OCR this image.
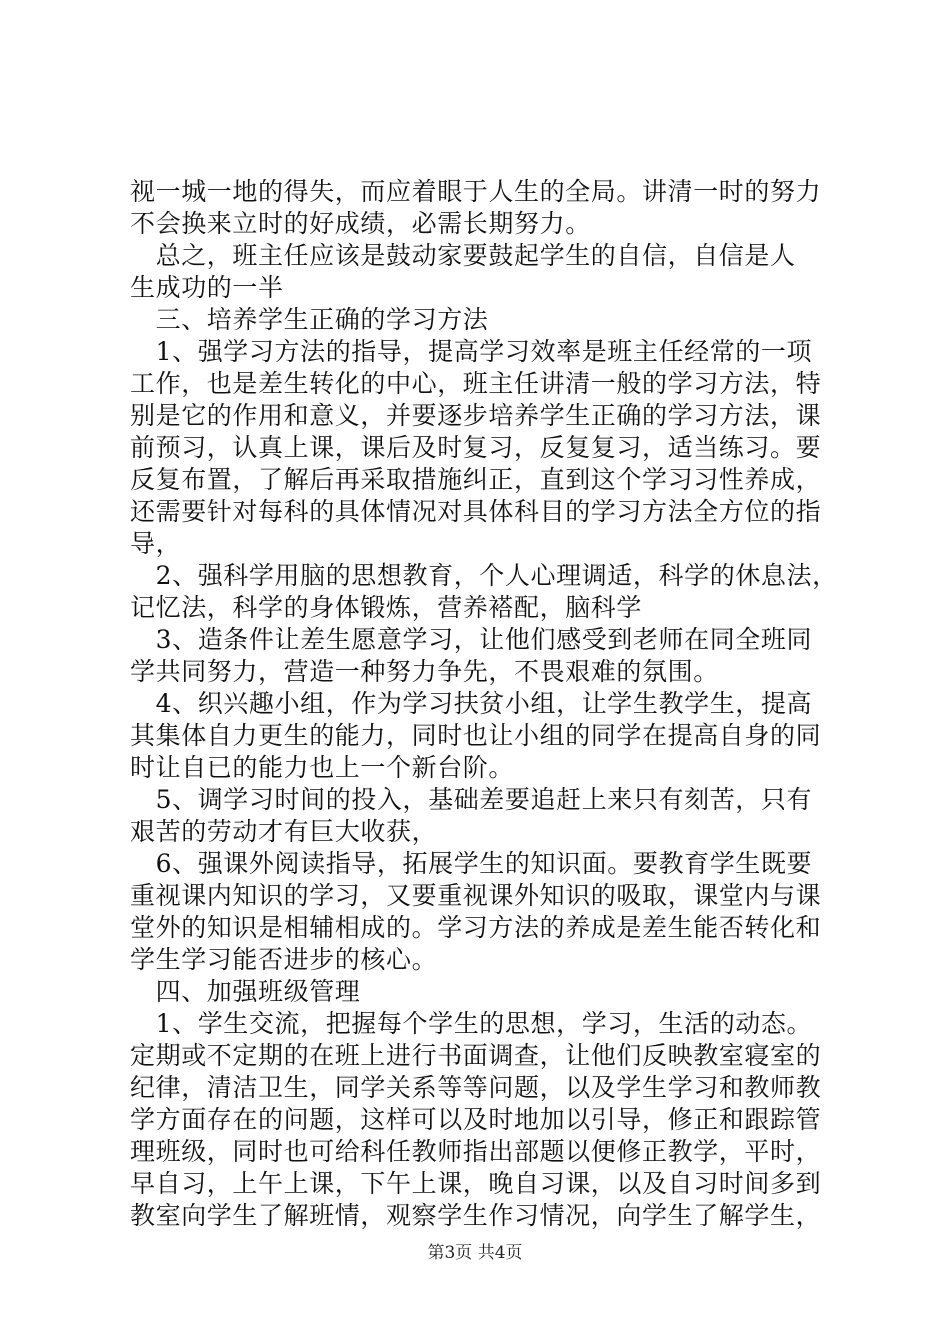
视一城一地的得失，而应着眼于人生的全局。讲清一时的努力
不会换来立时的好成绩，必需长期努力。
　总之，班主任应该是鼓动家要鼓起学生的自信，自信是人
生成功的一半
　三、培养学生正确的学习方法
　1、强学习方法的指导，提高学习效率是班主任经常的一项
工作，也是差生转化的中心，班主任讲清一般的学习方法，特
别是它的作用和意义，并要逐步培养学生正确的学习方法，课
前预习，认真上课，课后及时复习，反复复习，适当练习。要
反复布置，了解后再采取措施纠正，直到这个学习习性养成，
还需要针对每科的具体情况对具体科目的学习方法全方位的指
导，
　2、强科学用脑的思想教育，个人心理调适，科学的休息法，
记忆法，科学的身体锻炼，营养褡配，脑科学
　3、造条件让差生愿意学习，让他们感受到老师在同全班同
学共同努力，营造一种努力争先，不畏艰难的氛围。
　4、织兴趣小组，作为学习扶贫小组，让学生教学生，提高
其集体自力更生的能力，同时也让小组的同学在提高自身的同
时让自已的能力也上一个新台阶。
　5、调学习时间的投入，基础差要追赶上来只有刻苦，只有
艰苦的劳动才有巨大收获，
　6、强课外阅读指导，拓展学生的知识面。要教育学生既要
重视课内知识的学习，又要重视课外知识的吸取，课堂内与课
堂外的知识是相辅相成的。学习方法的养成是差生能否转化和
学生学习能否进步的核心。
　四、加强班级管理
　1、学生交流，把握每个学生的思想，学习，生活的动态。
定期或不定期的在班上进行书面调查，让他们反映教室寝室的
纪律，清洁卫生，同学关系等等问题，以及学生学习和教师教
学方面存在的问题，这样可以及时地加以引导，修正和跟踪管
理班级，同时也可给科任教师指出部题以便修正教学，平时，
早自习，上午上课，下午上课，晚自习课，以及自习时间多到
教室向学生了解班情，观察学生作习情况，向学生了解学生，
第3页 共4页
